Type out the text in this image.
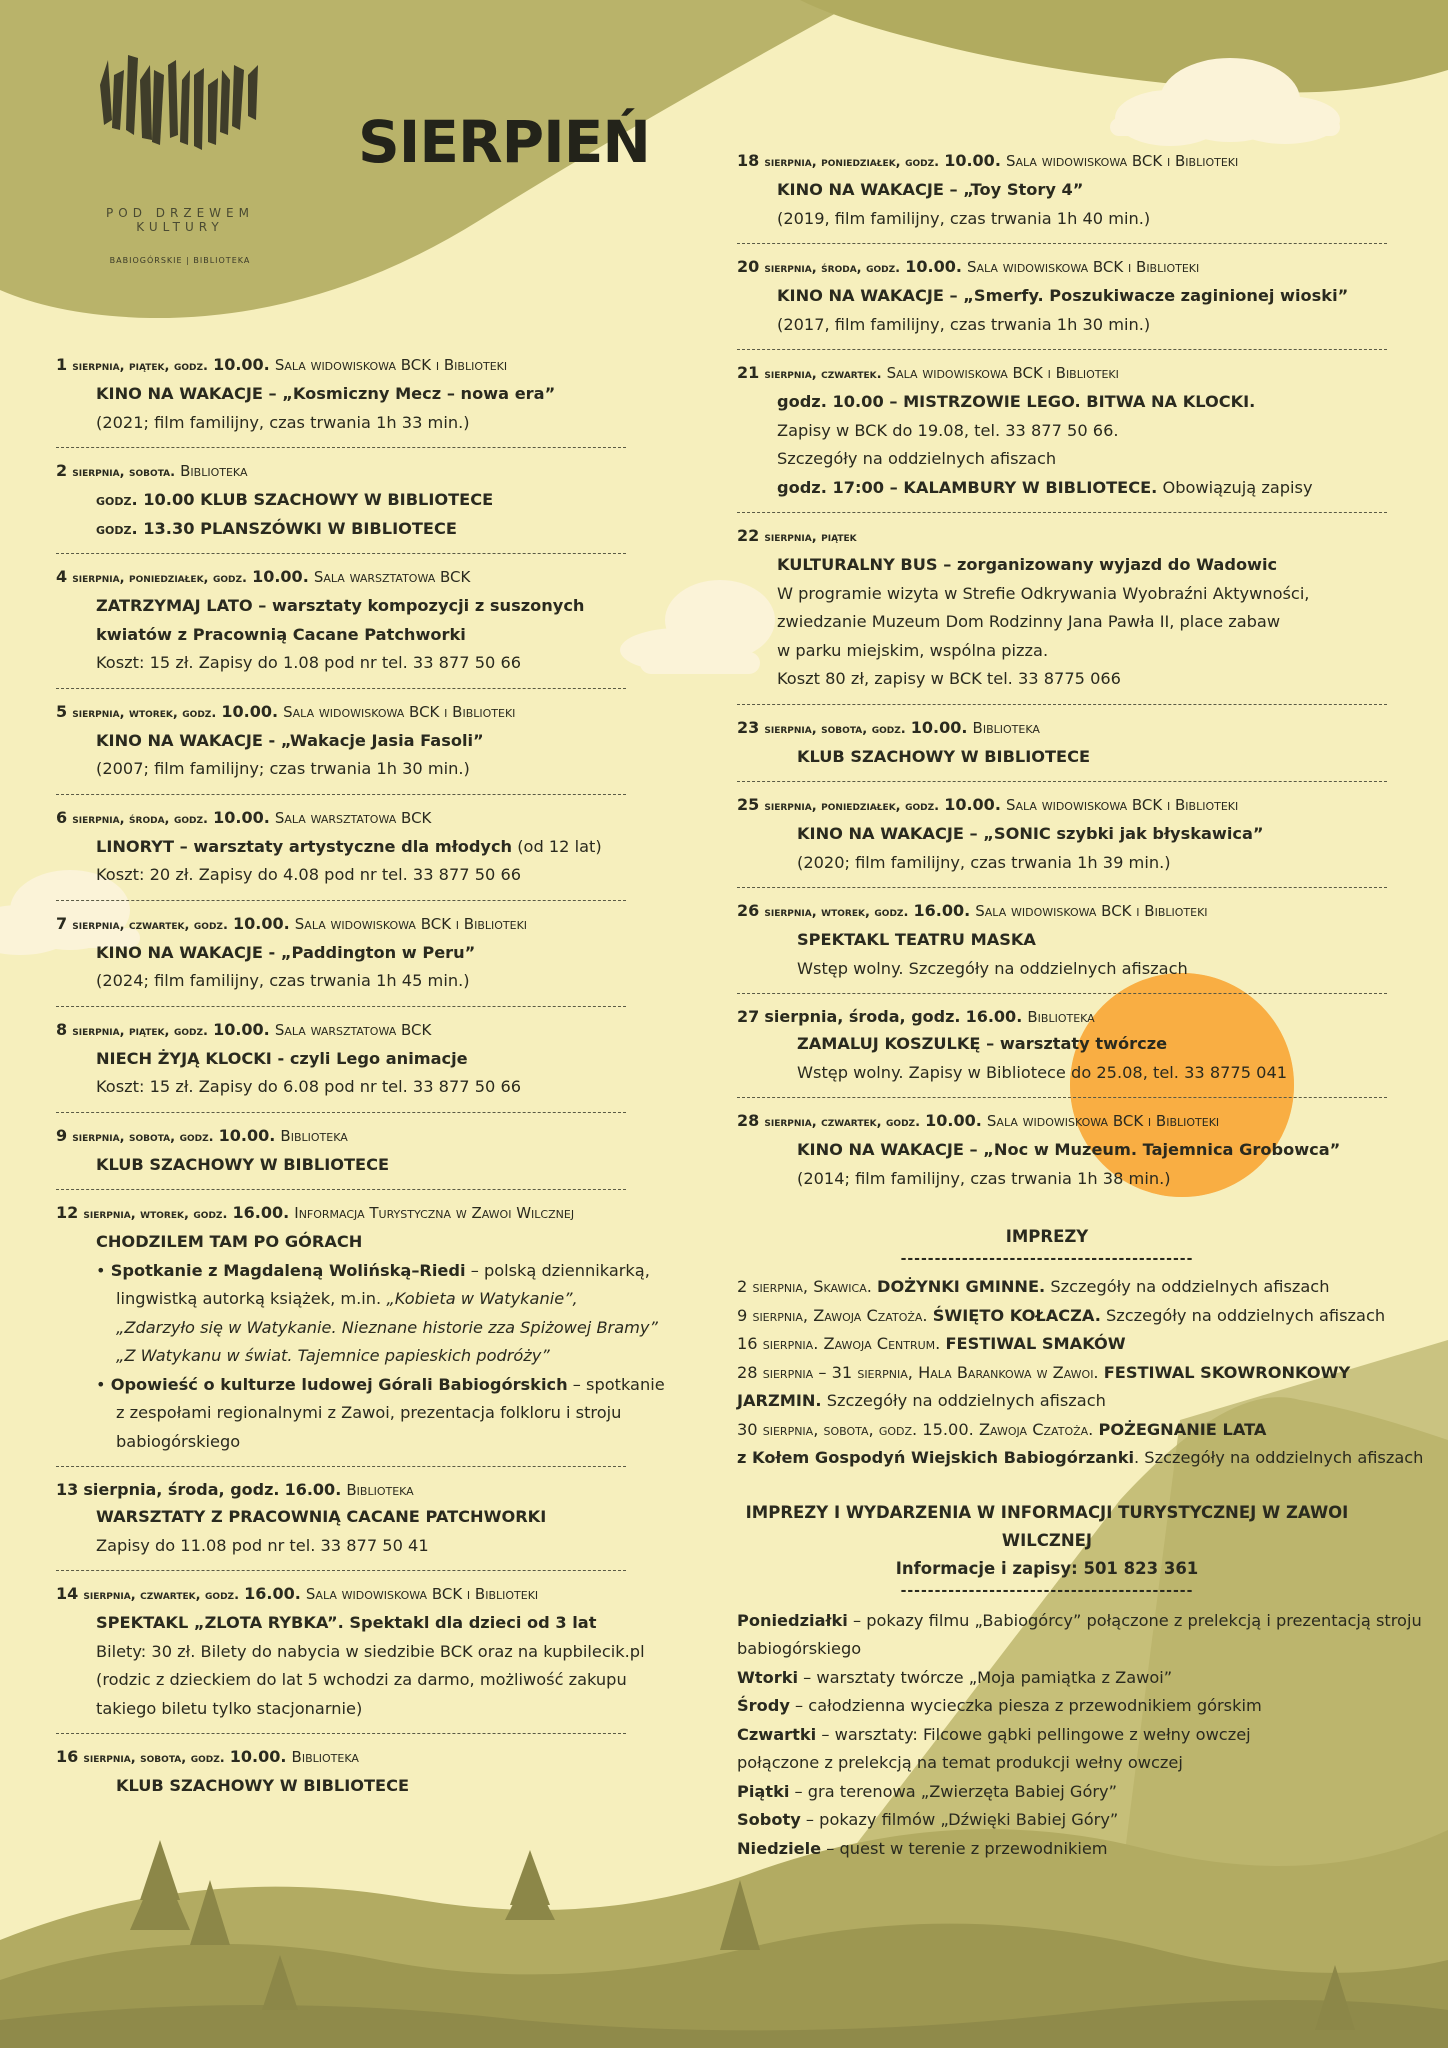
POD DRZEWEM KULTURY
BABIOGÓRSKIE | BIBLIOTEKA
SIERPIEŃ
1 sierpnia, piątek, godz. 10.00. Sala widowiskowa BCK i Biblioteki
KINO NA WAKACJE – „Kosmiczny Mecz – nowa era”
(2021; film familijny, czas trwania 1h 33 min.)
2 sierpnia, sobota. Biblioteka
godz. 10.00 KLUB SZACHOWY W BIBLIOTECE
godz. 13.30 PLANSZÓWKI W BIBLIOTECE
4 sierpnia, poniedziałek, godz. 10.00. Sala warsztatowa BCK
ZATRZYMAJ LATO – warsztaty kompozycji z suszonych
kwiatów z Pracownią Cacane Patchworki
Koszt: 15 zł. Zapisy do 1.08 pod nr tel. 33 877 50 66
5 sierpnia, wtorek, godz. 10.00. Sala widowiskowa BCK i Biblioteki
KINO NA WAKACJE - „Wakacje Jasia Fasoli”
(2007; film familijny; czas trwania 1h 30 min.)
6 sierpnia, środa, godz. 10.00. Sala warsztatowa BCK
LINORYT – warsztaty artystyczne dla młodych (od 12 lat)
Koszt: 20 zł. Zapisy do 4.08 pod nr tel. 33 877 50 66
7 sierpnia, czwartek, godz. 10.00. Sala widowiskowa BCK i Biblioteki
KINO NA WAKACJE - „Paddington w Peru”
(2024; film familijny, czas trwania 1h 45 min.)
8 sierpnia, piątek, godz. 10.00. Sala warsztatowa BCK
NIECH ŻYJĄ KLOCKI - czyli Lego animacje
Koszt: 15 zł. Zapisy do 6.08 pod nr tel. 33 877 50 66
9 sierpnia, sobota, godz. 10.00. Biblioteka
KLUB SZACHOWY W BIBLIOTECE
12 sierpnia, wtorek, godz. 16.00. Informacja Turystyczna w Zawoi Wilcznej
CHODZILEM TAM PO GÓRACH
• Spotkanie z Magdaleną Wolińską–Riedi – polską dziennikarką,
lingwistką autorką książek, m.in. „Kobieta w Watykanie”,
„Zdarzyło się w Watykanie. Nieznane historie zza Spiżowej Bramy”
„Z Watykanu w świat. Tajemnice papieskich podróży”
• Opowieść o kulturze ludowej Górali Babiogórskich – spotkanie
z zespołami regionalnymi z Zawoi, prezentacja folkloru i stroju
babiogórskiego
13 sierpnia, środa, godz. 16.00. Biblioteka
WARSZTATY Z PRACOWNIĄ CACANE PATCHWORKI
Zapisy do 11.08 pod nr tel. 33 877 50 41
14 sierpnia, czwartek, godz. 16.00. Sala widowiskowa BCK i Biblioteki
SPEKTAKL „ZLOTA RYBKA”. Spektakl dla dzieci od 3 lat
Bilety: 30 zł. Bilety do nabycia w siedzibie BCK oraz na kupbilecik.pl
(rodzic z dzieckiem do lat 5 wchodzi za darmo, możliwość zakupu
takiego biletu tylko stacjonarnie)
16 sierpnia, sobota, godz. 10.00. Biblioteka
KLUB SZACHOWY W BIBLIOTECE
18 sierpnia, poniedziałek, godz. 10.00. Sala widowiskowa BCK i Biblioteki
KINO NA WAKACJE – „Toy Story 4”
(2019, film familijny, czas trwania 1h 40 min.)
20 sierpnia, środa, godz. 10.00. Sala widowiskowa BCK i Biblioteki
KINO NA WAKACJE – „Smerfy. Poszukiwacze zaginionej wioski”
(2017, film familijny, czas trwania 1h 30 min.)
21 sierpnia, czwartek. Sala widowiskowa BCK i Biblioteki
godz. 10.00 – MISTRZOWIE LEGO. BITWA NA KLOCKI.
Zapisy w BCK do 19.08, tel. 33 877 50 66.
Szczegóły na oddzielnych afiszach
godz. 17:00 – KALAMBURY W BIBLIOTECE. Obowiązują zapisy
22 sierpnia, piątek
KULTURALNY BUS – zorganizowany wyjazd do Wadowic
W programie wizyta w Strefie Odkrywania Wyobraźni Aktywności,
zwiedzanie Muzeum Dom Rodzinny Jana Pawła II, place zabaw
w parku miejskim, wspólna pizza.
Koszt 80 zł, zapisy w BCK tel. 33 8775 066
23 sierpnia, sobota, godz. 10.00. Biblioteka
KLUB SZACHOWY W BIBLIOTECE
25 sierpnia, poniedziałek, godz. 10.00. Sala widowiskowa BCK i Biblioteki
KINO NA WAKACJE – „SONIC szybki jak błyskawica”
(2020; film familijny, czas trwania 1h 39 min.)
26 sierpnia, wtorek, godz. 16.00. Sala widowiskowa BCK i Biblioteki
SPEKTAKL TEATRU MASKA
Wstęp wolny. Szczegóły na oddzielnych afiszach
27 sierpnia, środa, godz. 16.00. Biblioteka
ZAMALUJ KOSZULKĘ – warsztaty twórcze
Wstęp wolny. Zapisy w Bibliotece do 25.08, tel. 33 8775 041
28 sierpnia, czwartek, godz. 10.00. Sala widowiskowa BCK i Biblioteki
KINO NA WAKACJE – „Noc w Muzeum. Tajemnica Grobowca”
(2014; film familijny, czas trwania 1h 38 min.)
IMPREZY
-------------------------------------------
2 sierpnia, Skawica. DOŻYNKI GMINNE. Szczegóły na oddzielnych afiszach
9 sierpnia, Zawoja Czatoża. ŚWIĘTO KOŁACZA. Szczegóły na oddzielnych afiszach
16 sierpnia. Zawoja Centrum. FESTIWAL SMAKÓW
28 sierpnia – 31 sierpnia, Hala Barankowa w Zawoi. FESTIWAL SKOWRONKOWY
JARZMIN. Szczegóły na oddzielnych afiszach
30 sierpnia, sobota, godz. 15.00. Zawoja Czatoża. POŻEGNANIE LATA
z Kołem Gospodyń Wiejskich Babiogórzanki. Szczegóły na oddzielnych afiszach
IMPREZY I WYDARZENIA W INFORMACJI TURYSTYCZNEJ W ZAWOI WILCZNEJ
Informacje i zapisy: 501 823 361
-------------------------------------------
Poniedziałki – pokazy filmu „Babiogórcy” połączone z prelekcją i prezentacją stroju
babiogórskiego
Wtorki – warsztaty twórcze „Moja pamiątka z Zawoi”
Środy – całodzienna wycieczka piesza z przewodnikiem górskim
Czwartki – warsztaty: Filcowe gąbki pellingowe z wełny owczej
połączone z prelekcją na temat produkcji wełny owczej
Piątki – gra terenowa „Zwierzęta Babiej Góry”
Soboty – pokazy filmów „Dźwięki Babiej Góry”
Niedziele – quest w terenie z przewodnikiem
